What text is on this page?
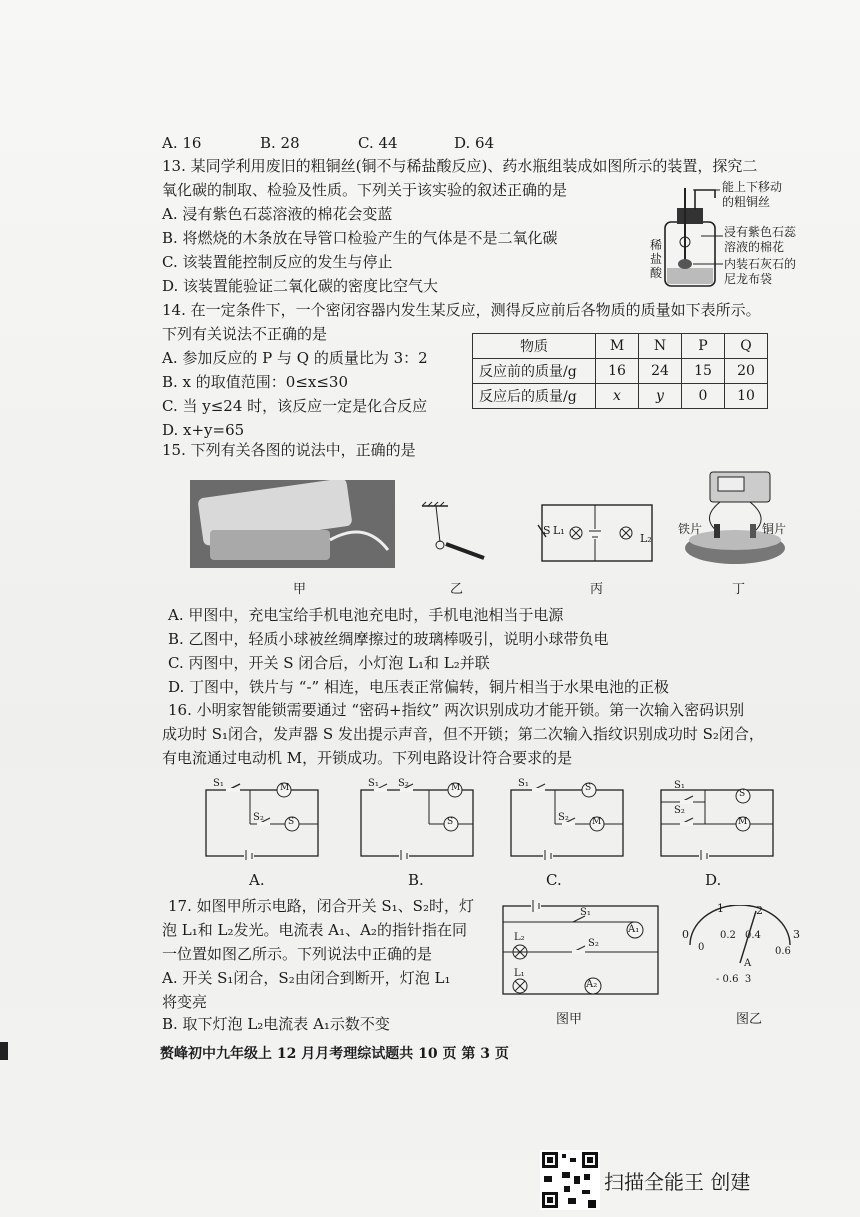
A. 16	B. 28	C. 44	D. 64
13. 某同学利用废旧的粗铜丝(铜不与稀盐酸反应)、药水瓶组装成如图所示的装置，探究二
氧化碳的制取、检验及性质。下列关于该实验的叙述正确的是
A. 浸有紫色石蕊溶液的棉花会变蓝
B. 将燃烧的木条放在导管口检验产生的气体是不是二氧化碳
C. 该装置能控制反应的发生与停止
D. 该装置能验证二氧化碳的密度比空气大
能上下移动
的粗铜丝
浸有紫色石蕊
溶液的棉花
内装石灰石的
尼龙布袋
稀
盐
酸
14. 在一定条件下，一个密闭容器内发生某反应，测得反应前后各物质的质量如下表所示。
下列有关说法不正确的是
A. 参加反应的 P 与 Q 的质量比为 3：2
B. x 的取值范围：0≤x≤30
C. 当 y≤24 时，该反应一定是化合反应
D. x+y=65
物质	M	N	P	Q
反应前的质量/g	16	24	15	20
反应后的质量/g	x	y	0	10
15. 下列有关各图的说法中，正确的是
S L₁
L₂
铁片	铜片
甲	乙	丙	丁
A. 甲图中，充电宝给手机电池充电时，手机电池相当于电源
B. 乙图中，轻质小球被丝绸摩擦过的玻璃棒吸引，说明小球带负电
C. 丙图中，开关 S 闭合后，小灯泡 L₁和 L₂并联
D. 丁图中，铁片与 “-” 相连，电压表正常偏转，铜片相当于水果电池的正极
16. 小明家智能锁需要通过 “密码+指纹” 两次识别成功才能开锁。第一次输入密码识别
成功时 S₁闭合，发声器 S 发出提示声音，但不开锁；第二次输入指纹识别成功时 S₂闭合，
有电流通过电动机 M，开锁成功。下列电路设计符合要求的是
S₁	M
S₂	S
S₁ S₂	M
S
S₁	S
S₂	M
S₁
S
S₂
M
A.	B.	C.	D.
17. 如图甲所示电路，闭合开关 S₁、S₂时，灯
泡 L₁和 L₂发光。电流表 A₁、A₂的指针指在同
一位置如图乙所示。下列说法中正确的是
A. 开关 S₁闭合，S₂由闭合到断开，灯泡 L₁
将变亮
B. 取下灯泡 L₂电流表 A₁示数不变
S₁
S₂
L₂
L₁
A₁
A₂
图甲
0
1	2
3
0
0.2 0.4
0.6
A
- 0.6  3
图乙
赘峰初中九年级上 12 月月考理综试题共 10 页 第 3 页
扫描全能王 创建
